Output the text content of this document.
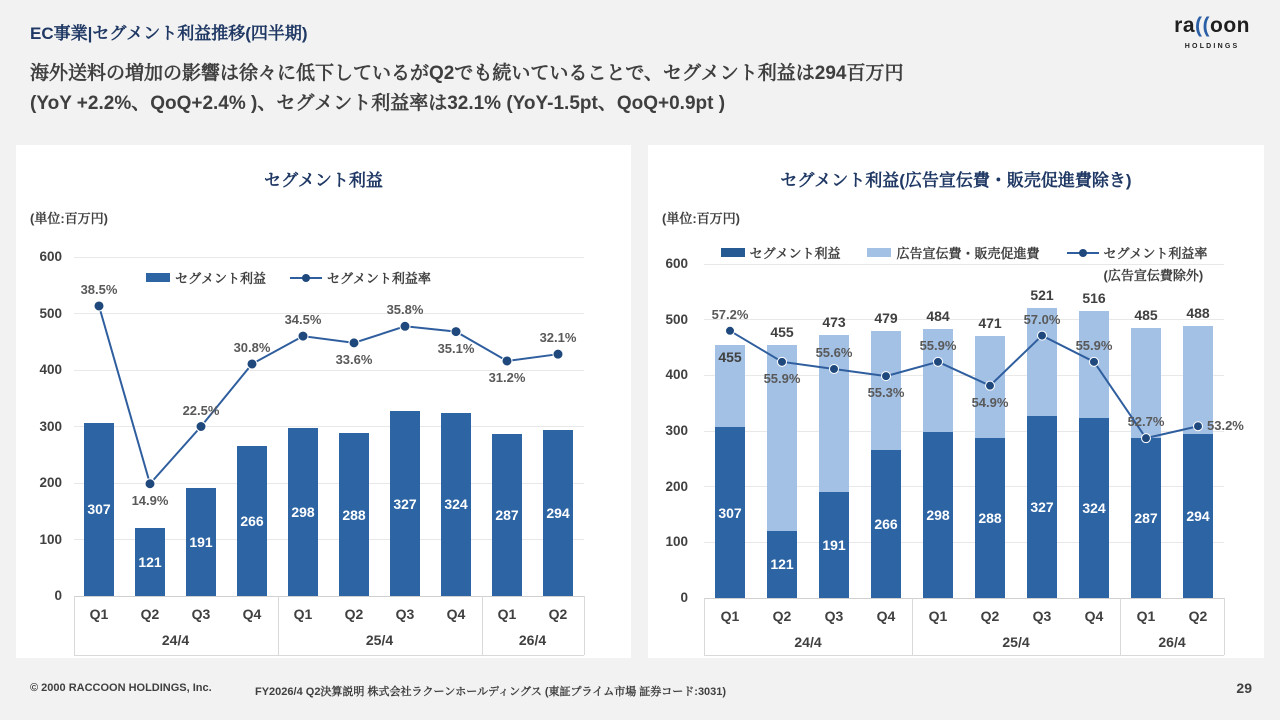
EC事業|セグメント利益推移(四半期)	ra((oon
HOLDINGS
海外送料の増加の影響は徐々に低下しているがQ2でも続いていることで、セグメント利益は294百万円
(YoY +2.2%、QoQ+2.4% )、セグメント利益率は32.1% (YoY-1.5pt、QoQ+0.9pt )
セグメント利益
(単位:百万円)
0
100
200
300
400
500
600
Q1	Q2	Q3	Q4	Q1	Q2	Q3	Q4	Q1	Q2
24/4	25/4	26/4
307
121
191
266
298	288
327	324
287	294
38.5%
14.9%
22.5%
30.8%
34.5%
33.6%
35.8%
35.1%
31.2%
32.1%
セグメント利益	セグメント利益率
セグメント利益(広告宣伝費・販売促進費除き)
(単位:百万円)
0
100
200
300
400
500
600
Q1	Q2	Q3	Q4	Q1	Q2	Q3	Q4	Q1	Q2
24/4	25/4	26/4
307
455
121
455
191
473
266
479
298
484
288
471
327
521
324
516
287
485
294
488
57.2%
55.9%
55.6%
55.3%
55.9%
54.9%
57.0%
55.9%
52.7%	53.2%
セグメント利益	広告宣伝費・販売促進費	セグメント利益率
(広告宣伝費除外)
© 2000 RACCOON HOLDINGS, Inc.	FY2026/4 Q2決算説明 株式会社ラクーンホールディングス (東証プライム市場 証券コード:3031)	29
